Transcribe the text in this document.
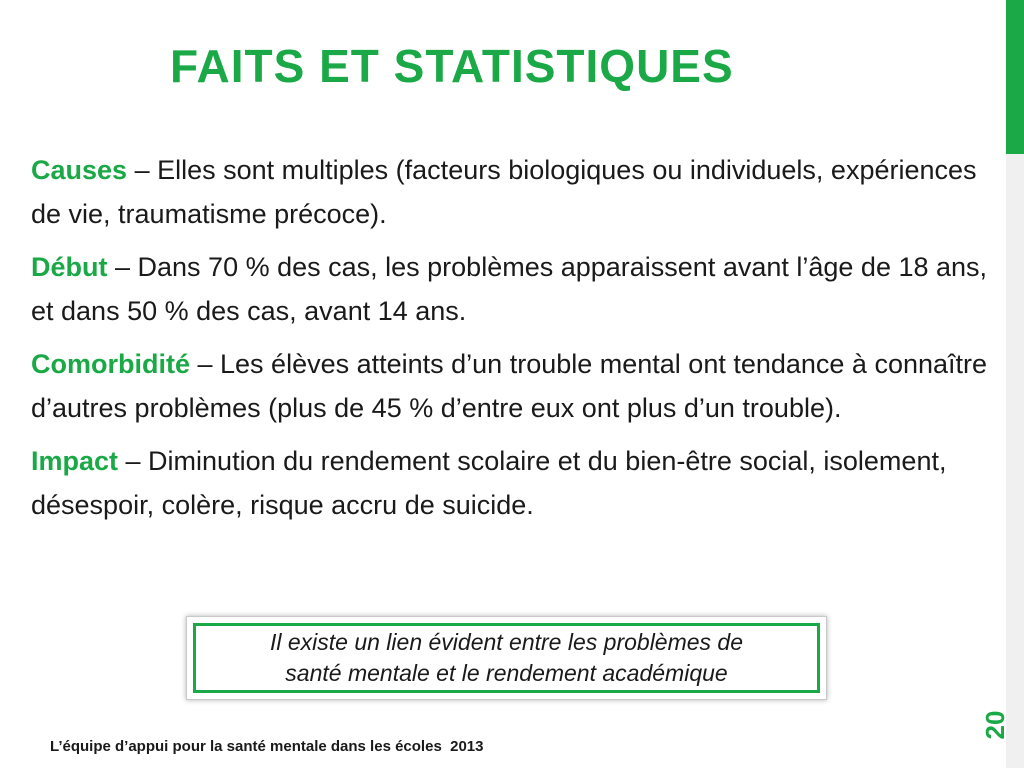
FAITS ET STATISTIQUES

Causes – Elles sont multiples (facteurs biologiques ou individuels, expériences de vie, traumatisme précoce).

Début – Dans 70 % des cas, les problèmes apparaissent avant l’âge de 18 ans, et dans 50 % des cas, avant 14 ans.

Comorbidité – Les élèves atteints d’un trouble mental ont tendance à connaître d’autres problèmes (plus de 45 % d’entre eux ont plus d’un trouble).

Impact – Diminution du rendement scolaire et du bien-être social, isolement, désespoir, colère, risque accru de suicide.

Il existe un lien évident entre les problèmes de
santé mentale et le rendement académique
L’équipe d’appui pour la santé mentale dans les écoles  2013
20
